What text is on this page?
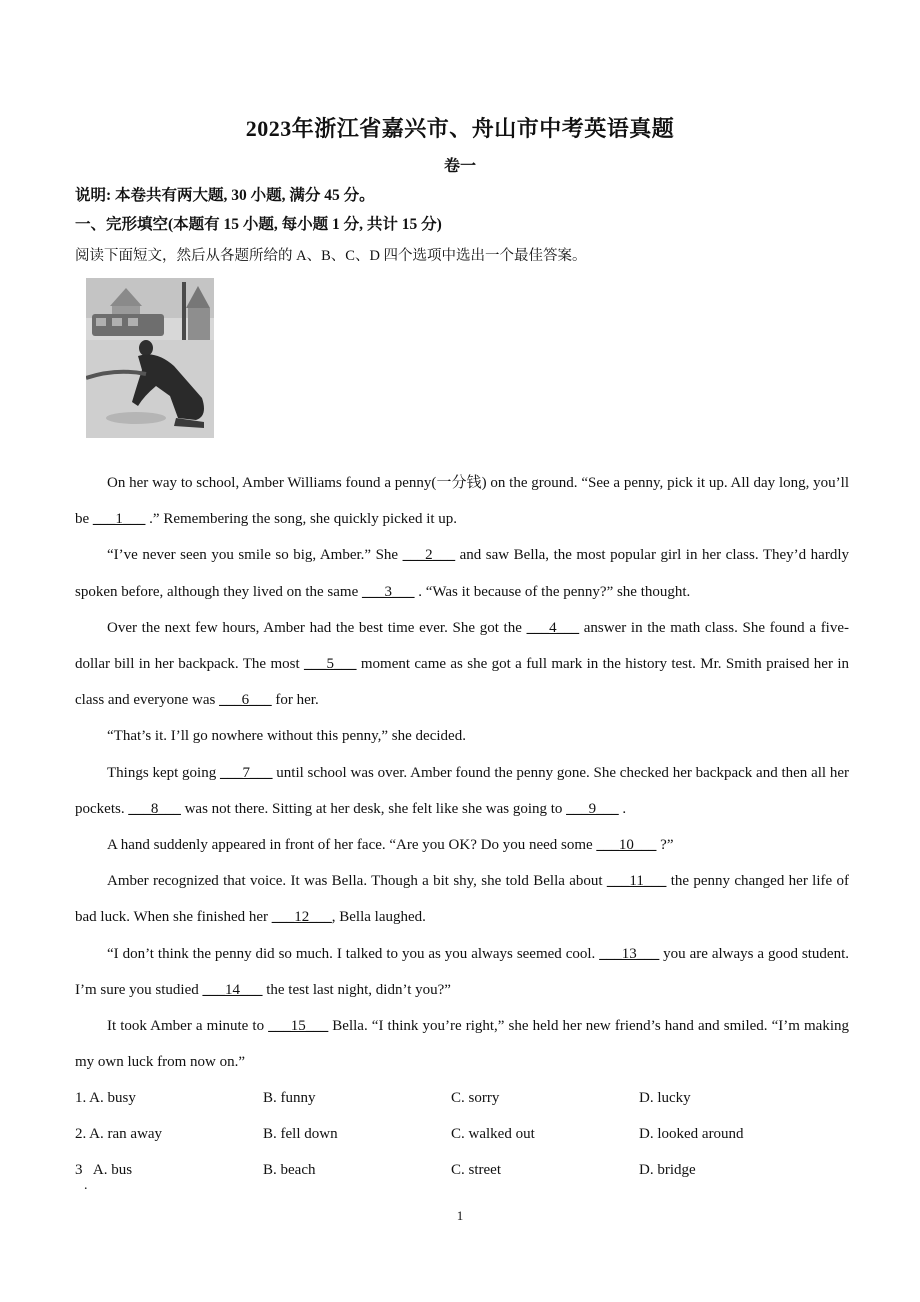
2023年浙江省嘉兴市、舟山市中考英语真题
卷一
说明: 本卷共有两大题, 30 小题, 满分 45 分。
一、完形填空(本题有 15 小题, 每小题 1 分, 共计 15 分)
阅读下面短文，然后从各题所给的 A、B、C、D 四个选项中选出一个最佳答案。

On her way to school, Amber Williams found a penny(一分钱) on the ground. “See a penny, pick it up. All day long, you’ll be ___1___ .” Remembering the song, she quickly picked it up.

“I’ve never seen you smile so big, Amber.” She ___2___ and saw Bella, the most popular girl in her class. They’d hardly spoken before, although they lived on the same ___3___ . “Was it because of the penny?” she thought.

Over the next few hours, Amber had the best time ever. She got the ___4___ answer in the math class. She found a five-dollar bill in her backpack. The most ___5___ moment came as she got a full mark in the history test. Mr. Smith praised her in class and everyone was ___6___ for her.

“That’s it. I’ll go nowhere without this penny,” she decided.

Things kept going ___7___ until school was over. Amber found the penny gone. She checked her backpack and then all her pockets. ___8___ was not there. Sitting at her desk, she felt like she was going to ___9___ .

A hand suddenly appeared in front of her face. “Are you OK? Do you need some ___10___ ?”

Amber recognized that voice. It was Bella. Though a bit shy, she told Bella about ___11___ the penny changed her life of bad luck. When she finished her ___12___, Bella laughed.

“I don’t think the penny did so much. I talked to you as you always seemed cool. ___13___ you are always a good student. I’m sure you studied ___14___ the test last night, didn’t you?”

It took Amber a minute to ___15___ Bella. “I think you’re right,” she held her new friend’s hand and smiled. “I’m making my own luck from now on.”

1. A. busy	B. funny	C. sorry	D. lucky
2. A. ran away	B. fell down	C. walked out	D. looked around
3   A. bus	B. beach	C. street	D. bridge
.
1
